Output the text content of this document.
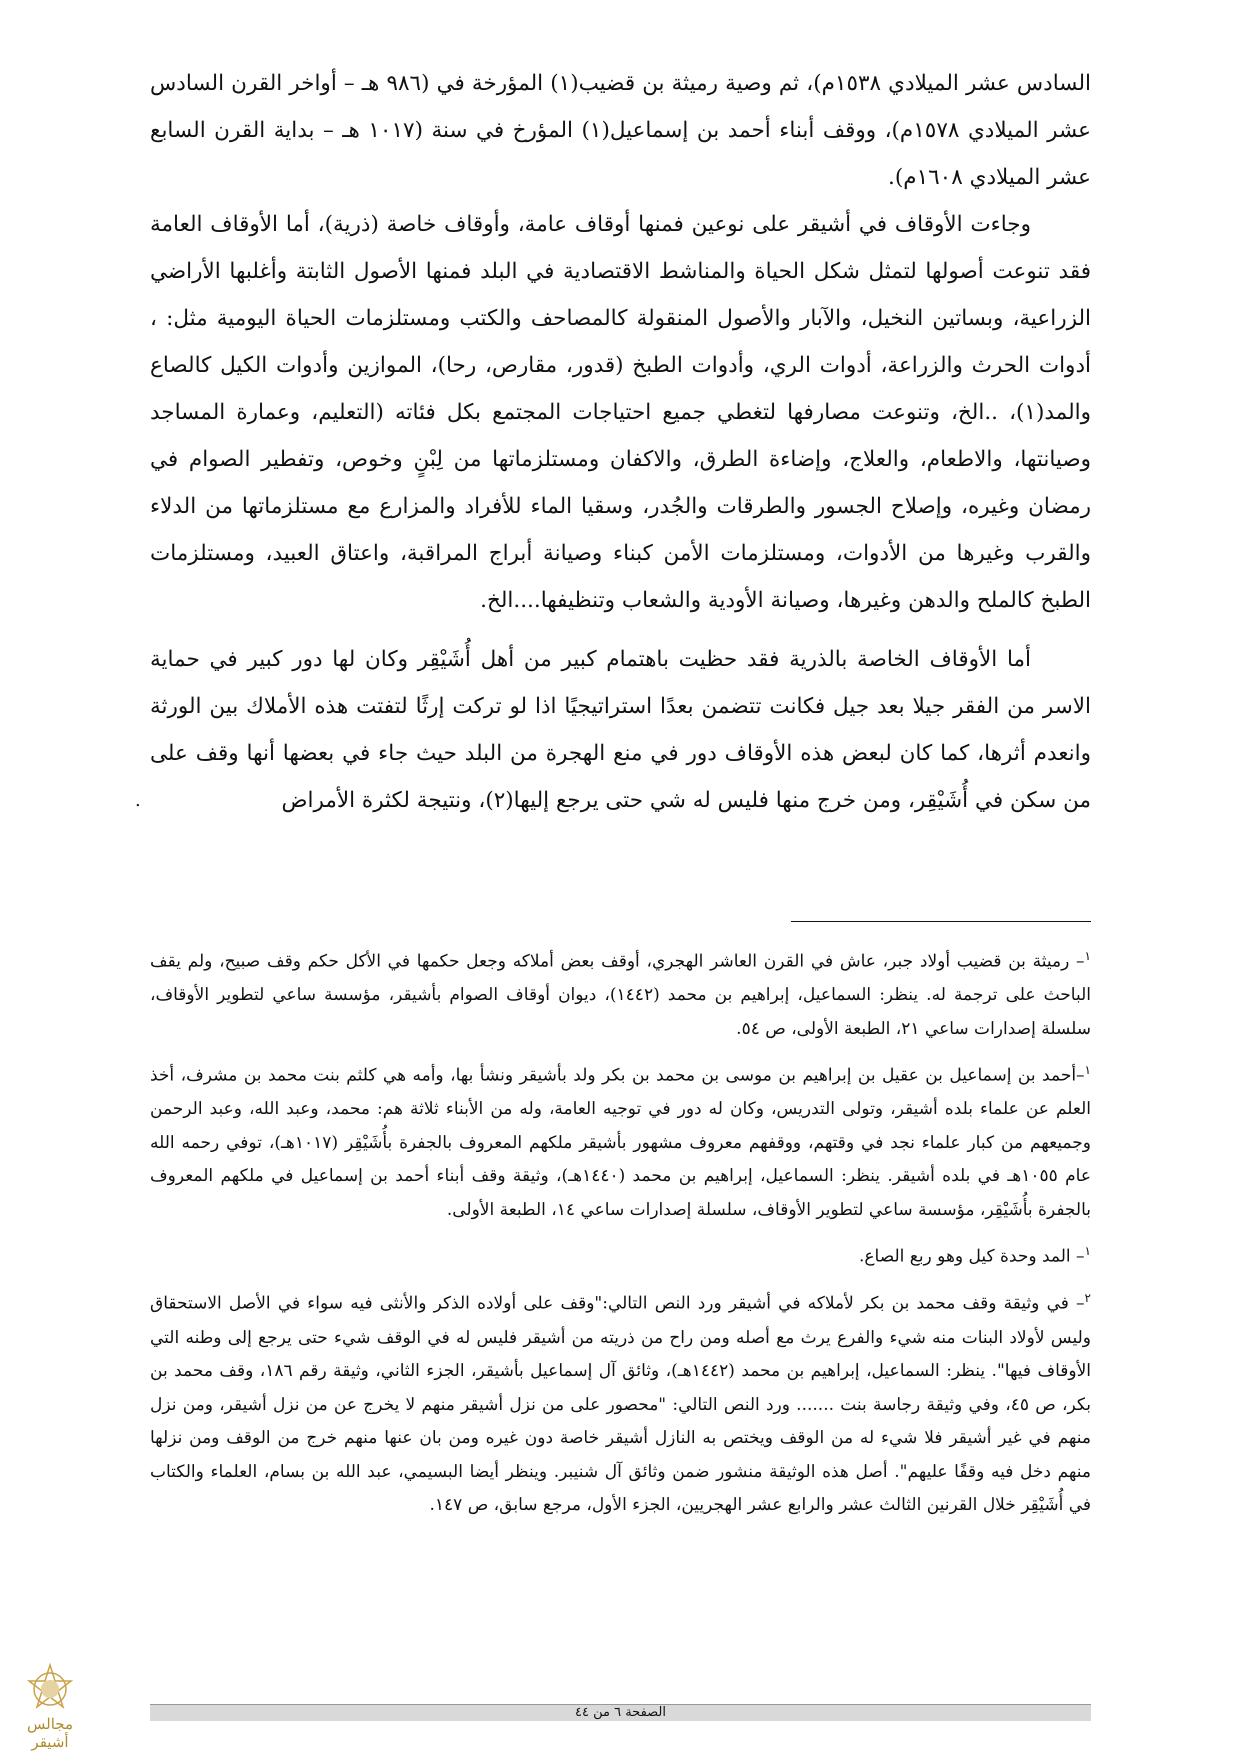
السادس عشر الميلادي ١٥٣٨م)، ثم وصية رميثة بن قضيب(١) المؤرخة في (٩٨٦ هـ – أواخر القرن السادس عشر الميلادي ١٥٧٨م)، ووقف أبناء أحمد بن إسماعيل(١) المؤرخ في سنة (١٠١٧ هـ – بداية القرن السابع عشر الميلادي ١٦٠٨م).

وجاءت الأوقاف في أشيقر على نوعين فمنها أوقاف عامة، وأوقاف خاصة (ذرية)، أما الأوقاف العامة فقد تنوعت أصولها لتمثل شكل الحياة والمناشط الاقتصادية في البلد فمنها الأصول الثابتة وأغلبها الأراضي الزراعية، وبساتين النخيل، والآبار والأصول المنقولة كالمصاحف والكتب ومستلزمات الحياة اليومية مثل: ، أدوات الحرث والزراعة، أدوات الري، وأدوات الطبخ (قدور، مقارص، رحا)، الموازين وأدوات الكيل كالصاع والمد(١)، ..الخ، وتنوعت مصارفها لتغطي جميع احتياجات المجتمع بكل فئاته (التعليم، وعمارة المساجد وصيانتها، والاطعام، والعلاج، وإضاءة الطرق، والاكفان ومستلزماتها من لِبْنٍ وخوص، وتفطير الصوام في رمضان وغيره، وإصلاح الجسور والطرقات والجُدر، وسقيا الماء للأفراد والمزارع مع مستلزماتها من الدلاء والقرب وغيرها من الأدوات، ومستلزمات الأمن كبناء وصيانة أبراج المراقبة، واعتاق العبيد، ومستلزمات الطبخ كالملح والدهن وغيرها، وصيانة الأودية والشعاب وتنظيفها....الخ.

أما الأوقاف الخاصة بالذرية فقد حظيت باهتمام كبير من أهل أُشَيْقِر وكان لها دور كبير في حماية الاسر من الفقر جيلا بعد جيل فكانت تتضمن بعدًا استراتيجيًا اذا لو تركت إرثًا لتفتت هذه الأملاك بين الورثة وانعدم أثرها، كما كان لبعض هذه الأوقاف دور في منع الهجرة من البلد حيث جاء في بعضها أنها وقف على من سكن في أُشَيْقِر، ومن خرج منها فليس له شي حتى يرجع إليها(٢)، ونتيجة لكثرة الأمراض

.

$^١$– رميثة بن قضيب أولاد جبر، عاش في القرن العاشر الهجري، أوقف بعض أملاكه وجعل حكمها في الأكل حكم وقف صبيح، ولم يقف الباحث على ترجمة له. ينظر: السماعيل، إبراهيم بن محمد (١٤٤٢)، ديوان أوقاف الصوام بأشيقر، مؤسسة ساعي لتطوير الأوقاف، سلسلة إصدارات ساعي ٢١، الطبعة الأولى، ص ٥٤.

$^١$–أحمد بن إسماعيل بن عقيل بن إبراهيم بن موسى بن محمد بن بكر ولد بأشيقر ونشأ بها، وأمه هي كلثم بنت محمد بن مشرف، أخذ العلم عن علماء بلده أشيقر، وتولى التدريس، وكان له دور في توجيه العامة، وله من الأبناء ثلاثة هم: محمد، وعبد الله، وعبد الرحمن وجميعهم من كبار علماء نجد في وقتهم، ووقفهم معروف مشهور بأشيقر ملكهم المعروف بالجفرة بأُشَيْقِر (١٠١٧هـ)، توفي رحمه الله عام ١٠٥٥هـ في بلده أشيقر. ينظر: السماعيل، إبراهيم بن محمد (١٤٤٠هـ)، وثيقة وقف أبناء أحمد بن إسماعيل في ملكهم المعروف بالجفرة بأُشَيْقِر، مؤسسة ساعي لتطوير الأوقاف، سلسلة إصدارات ساعي ١٤، الطبعة الأولى.

$^١$– المد وحدة كيل وهو ربع الصاع.

$^٢$– في وثيقة وقف محمد بن بكر لأملاكه في أشيقر ورد النص التالي:"وقف على أولاده الذكر والأنثى فيه سواء في الأصل الاستحقاق وليس لأولاد البنات منه شيء والفرع يرث مع أصله ومن راح من ذريته من أشيقر فليس له في الوقف شيء حتى يرجع إلى وطنه التي الأوقاف فيها". ينظر: السماعيل، إبراهيم بن محمد (١٤٤٢هـ)، وثائق آل إسماعيل بأشيقر، الجزء الثاني، وثيقة رقم ١٨٦، وقف محمد بن بكر، ص ٤٥، وفي وثيقة رجاسة بنت ....... ورد النص التالي: "محصور على من نزل أشيقر منهم لا يخرج عن من نزل أشيقر، ومن نزل منهم في غير أشيقر فلا شيء له من الوقف ويختص به النازل أشيقر خاصة دون غيره ومن بان عنها منهم خرج من الوقف ومن نزلها منهم دخل فيه وقفًا عليهم". أصل هذه الوثيقة منشور ضمن وثائق آل شنيبر. وينظر أيضا البسيمي، عبد الله بن بسام، العلماء والكتاب في أُشَيْقِر خلال القرنين الثالث عشر والرابع عشر الهجريين، الجزء الأول، مرجع سابق، ص ١٤٧.

الصفحة ٦ من ٤٤
مجالس أشيقر
